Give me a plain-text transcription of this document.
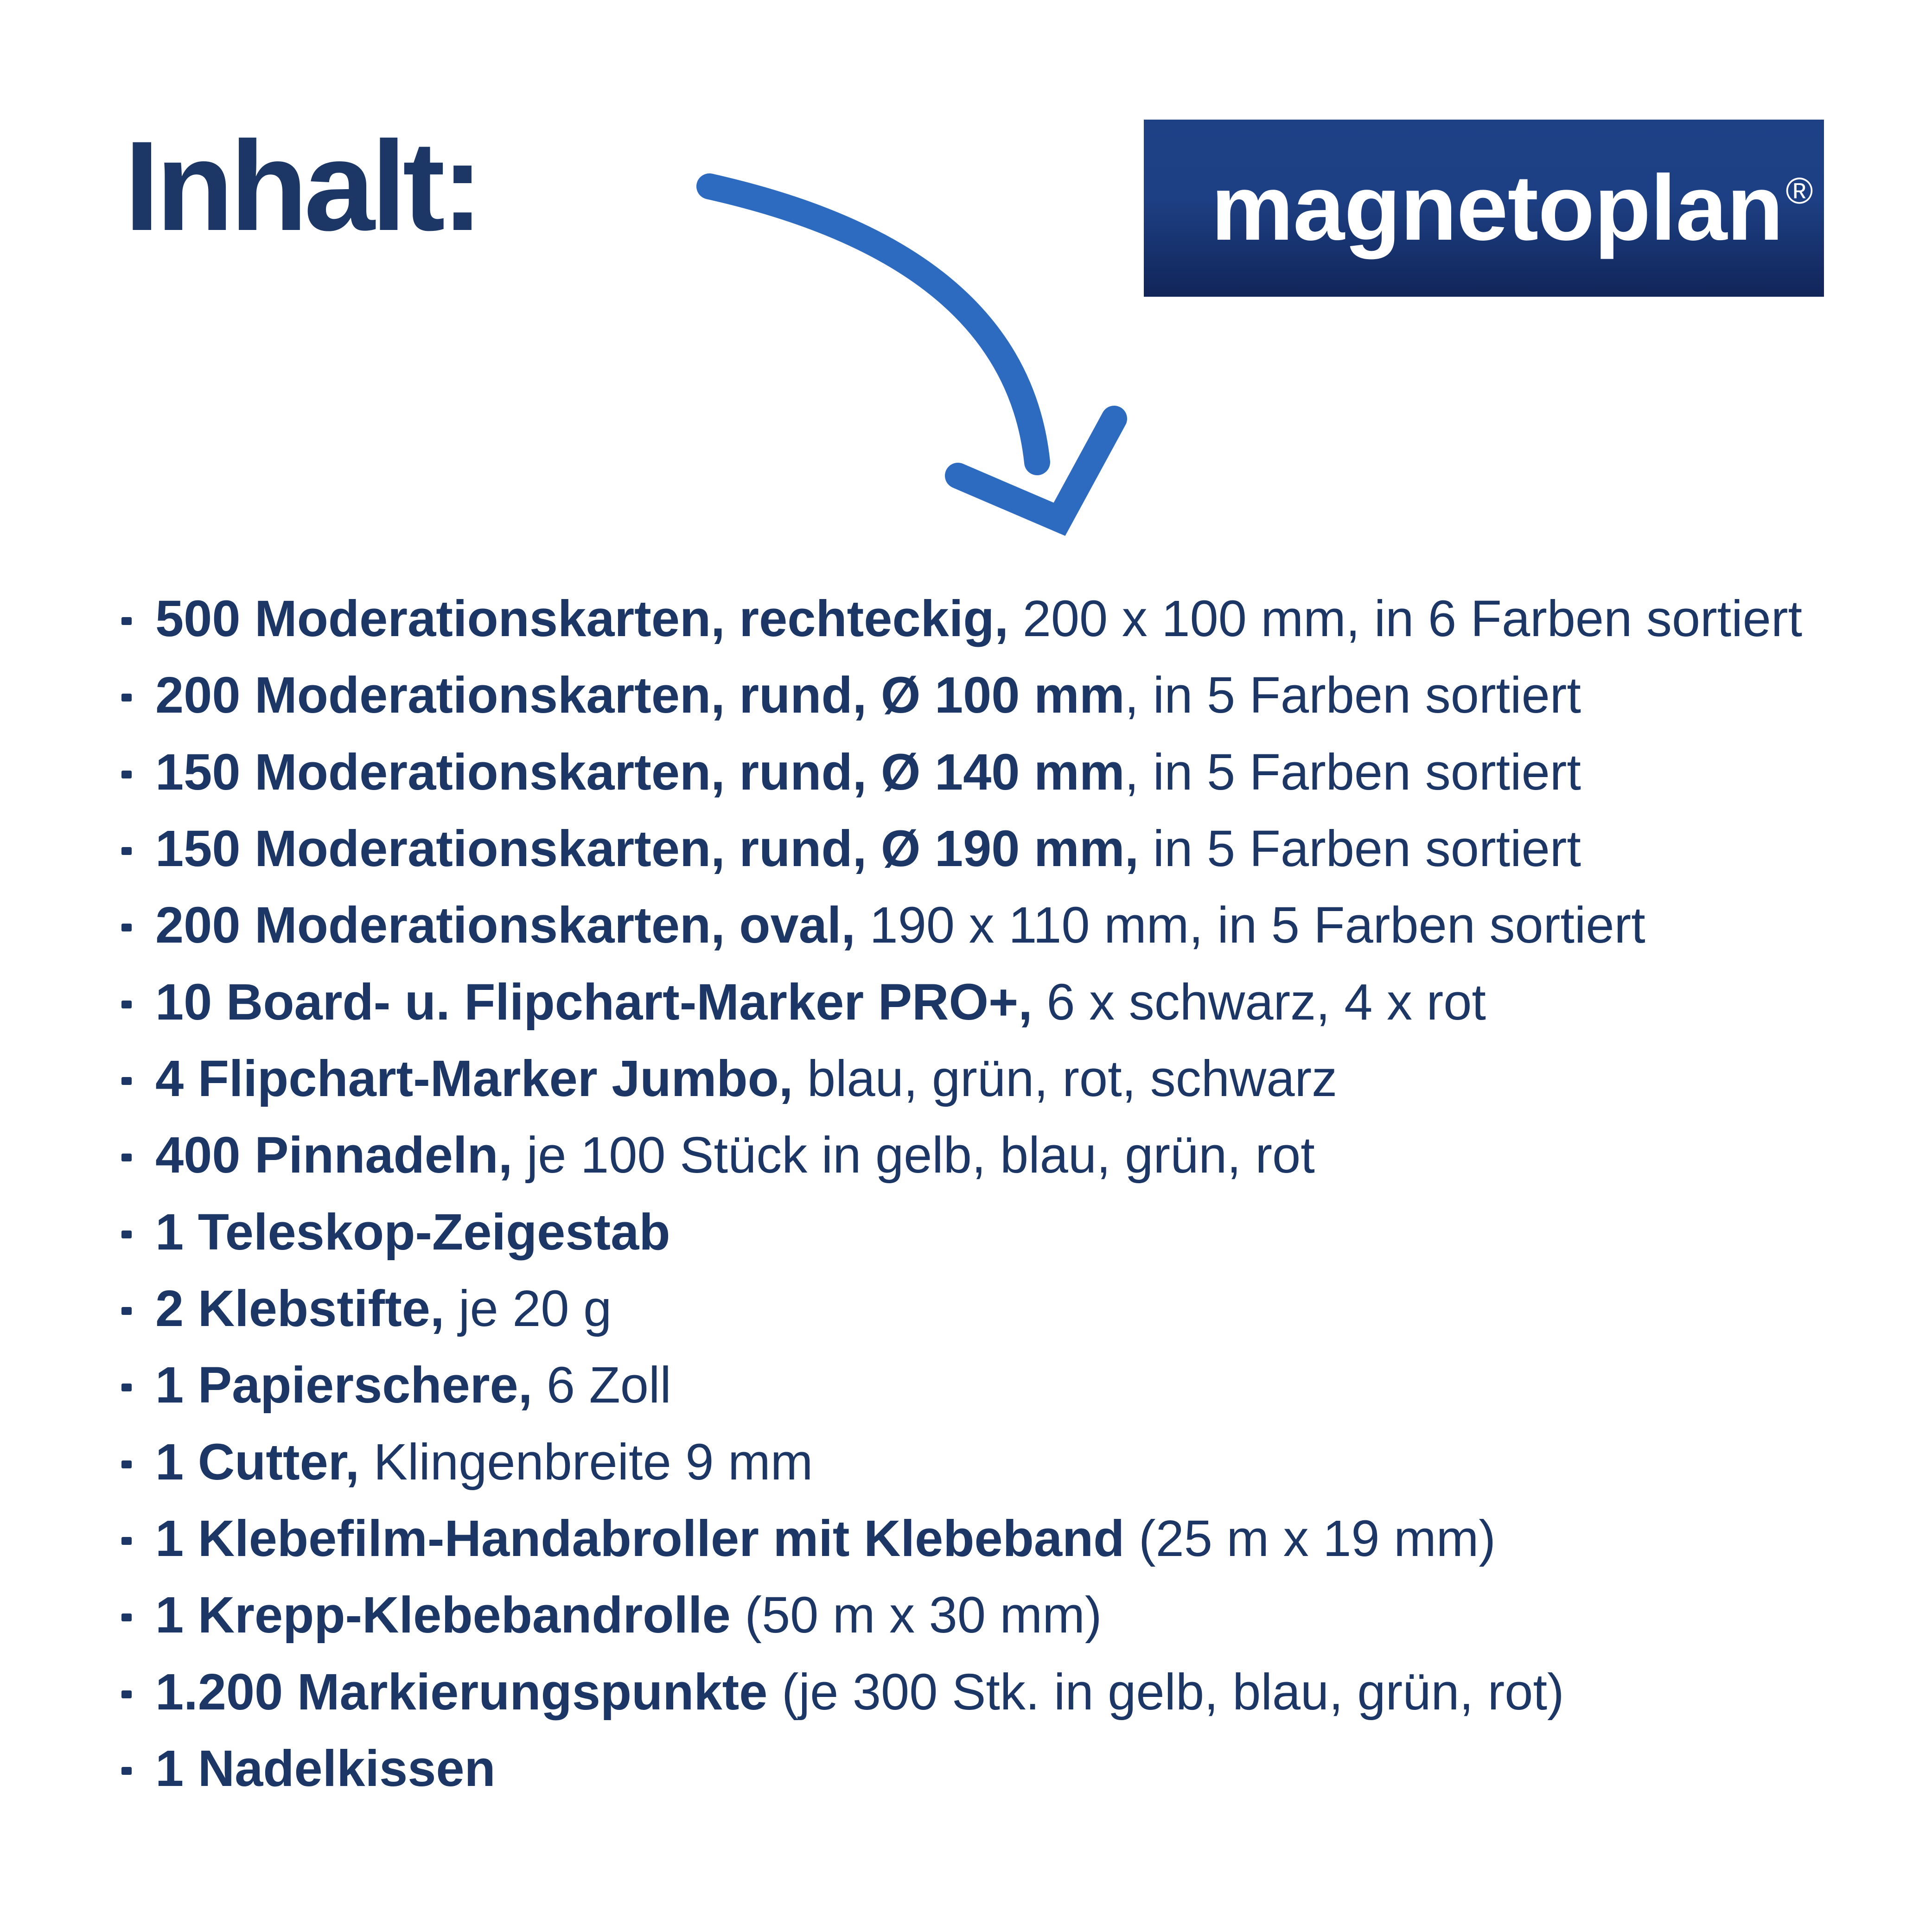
Inhalt:	magnetoplan®
500 Moderationskarten, rechteckig, 200 x 100 mm, in 6 Farben sortiert
200 Moderationskarten, rund, Ø 100 mm, in 5 Farben sortiert
150 Moderationskarten, rund, Ø 140 mm, in 5 Farben sortiert
150 Moderationskarten, rund, Ø 190 mm, in 5 Farben sortiert
200 Moderationskarten, oval, 190 x 110 mm, in 5 Farben sortiert
10 Board- u. Flipchart-Marker PRO+, 6 x schwarz, 4 x rot
4 Flipchart-Marker Jumbo, blau, grün, rot, schwarz
400 Pinnadeln, je 100 Stück in gelb, blau, grün, rot
1 Teleskop-Zeigestab
2 Klebstifte, je 20 g
1 Papierschere, 6 Zoll
1 Cutter, Klingenbreite 9 mm
1 Klebefilm-Handabroller mit Klebeband (25 m x 19 mm)
1 Krepp-Klebebandrolle (50 m x 30 mm)
1.200 Markierungspunkte (je 300 Stk. in gelb, blau, grün, rot)
1 Nadelkissen
